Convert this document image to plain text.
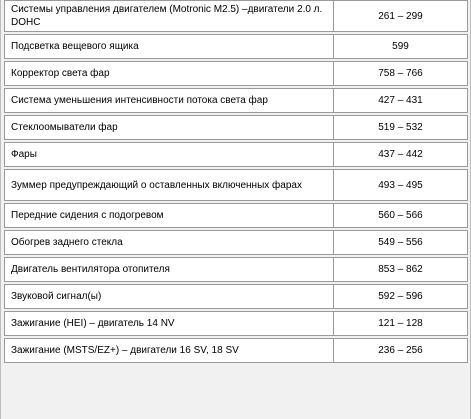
Системы управления двигателем (Motronic M2.5) –двигатели 2.0 л. DOHC	261 – 299
Подсветка вещевого ящика	599
Корректор света фар	758 – 766
Система уменьшения интенсивности потока света фар	427 – 431
Стеклоомыватели фар	519 – 532
Фары	437 – 442
Зуммер предупреждающий о оставленных включенных фарах	493 – 495
Передние сидения с подогревом	560 – 566
Обогрев заднего стекла	549 – 556
Двигатель вентилятора отопителя	853 – 862
Звуковой сигнал(ы)	592 – 596
Зажигание (HEI) – двигатель 14 NV	121 – 128
Зажигание (MSTS/EZ+) – двигатели 16 SV, 18 SV	236 – 256
